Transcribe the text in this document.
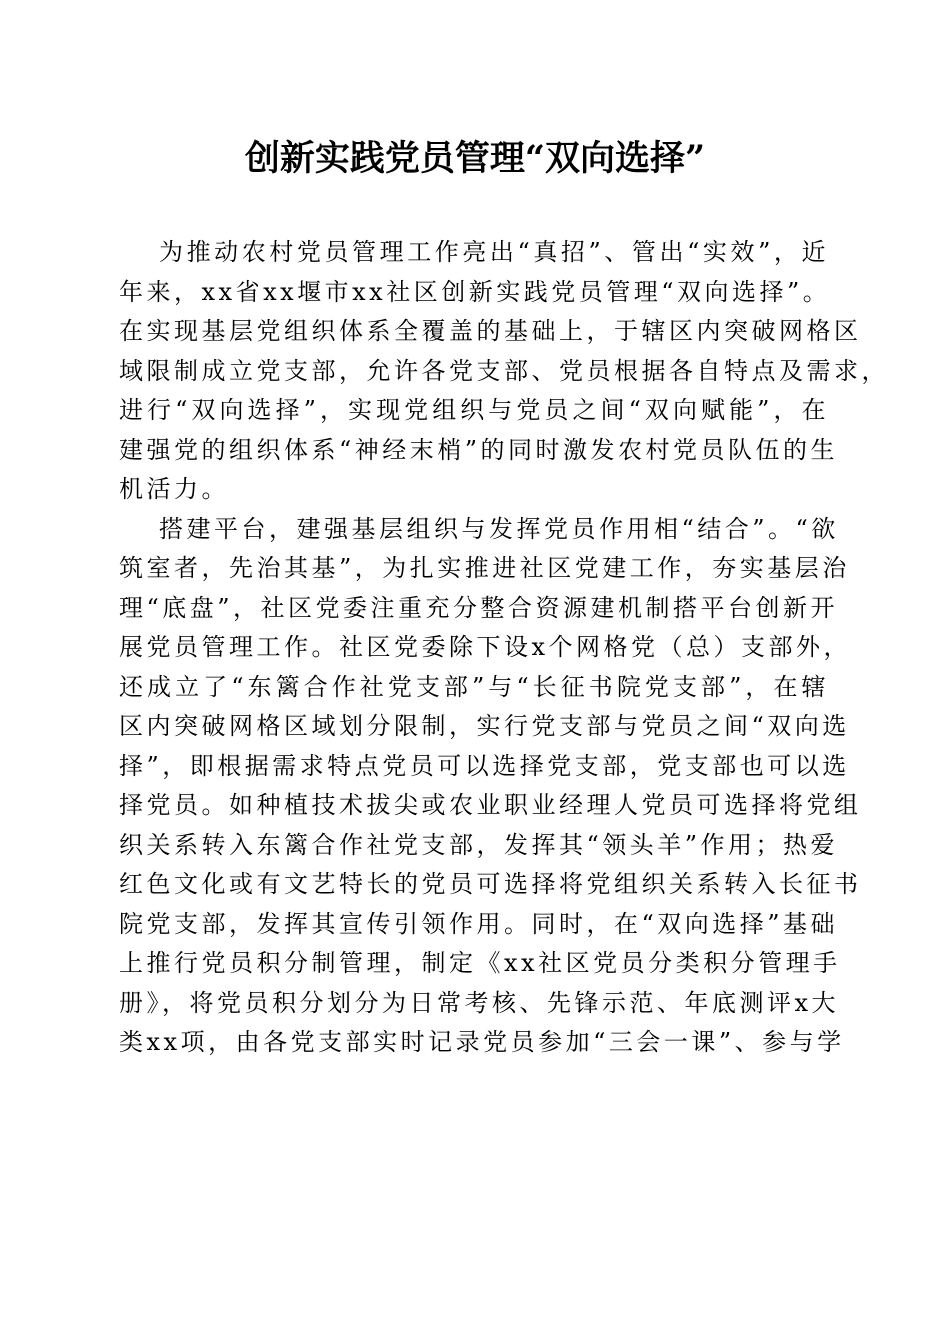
创新实践党员管理“双向选择”

为推动农村党员管理工作亮出“真招”、管出“实效”，近
年来，xx省xx堰市xx社区创新实践党员管理“双向选择”。
在实现基层党组织体系全覆盖的基础上，于辖区内突破网格区
域限制成立党支部，允许各党支部、党员根据各自特点及需求，
进行“双向选择”，实现党组织与党员之间“双向赋能”，在
建强党的组织体系“神经末梢”的同时激发农村党员队伍的生
机活力。

搭建平台，建强基层组织与发挥党员作用相“结合”。“欲
筑室者，先治其基”，为扎实推进社区党建工作，夯实基层治
理“底盘”，社区党委注重充分整合资源建机制搭平台创新开
展党员管理工作。社区党委除下设x个网格党（总）支部外，
还成立了“东篱合作社党支部”与“长征书院党支部”，在辖
区内突破网格区域划分限制，实行党支部与党员之间“双向选
择”，即根据需求特点党员可以选择党支部，党支部也可以选
择党员。如种植技术拔尖或农业职业经理人党员可选择将党组
织关系转入东篱合作社党支部，发挥其“领头羊”作用；热爱
红色文化或有文艺特长的党员可选择将党组织关系转入长征书
院党支部，发挥其宣传引领作用。同时，在“双向选择”基础
上推行党员积分制管理，制定《xx社区党员分类积分管理手
册》，将党员积分划分为日常考核、先锋示范、年底测评x大
类xx项，由各党支部实时记录党员参加“三会一课”、参与学
